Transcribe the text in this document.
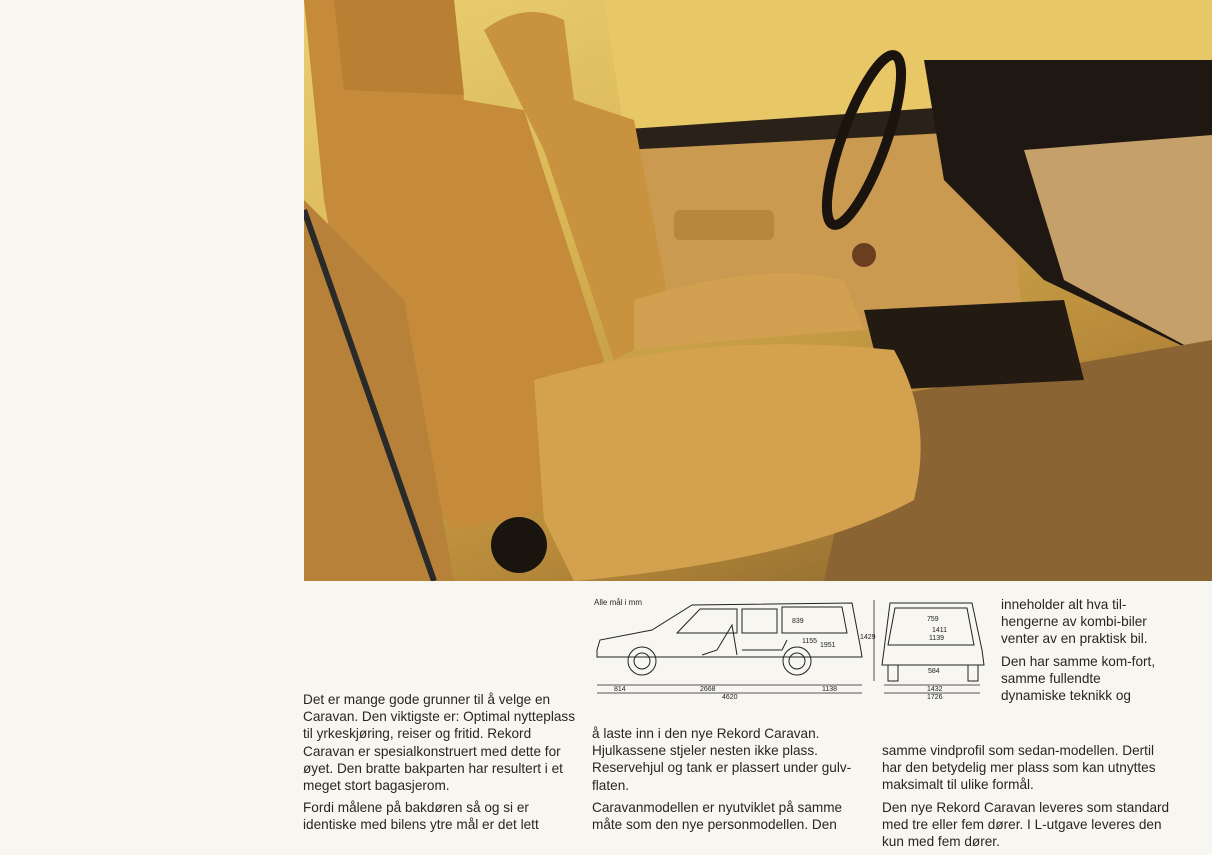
Alle mål i mm
814	2668	1138
4620
839
1155
1951
1429
759
1411
1139
584
1432
1726

Det er mange gode grunner til å velge en Caravan. Den viktigste er: Optimal nytteplass til yrkeskjøring, reiser og fritid. Rekord Caravan er spesialkonstruert med dette for øyet. Den bratte bakparten har resultert i et meget stort bagasjerom.

Fordi målene på bakdøren så og si er identiske med bilens ytre mål er det lett

å laste inn i den nye Rekord Caravan. Hjulkassene stjeler nesten ikke plass. Reservehjul og tank er plassert under gulv-flaten.

Caravanmodellen er nyutviklet på samme måte som den nye personmodellen. Den

inneholder alt hva til-hengerne av kombi-biler venter av en praktisk bil.

Den har samme kom-fort, samme fullendte dynamiske teknikk og

samme vindprofil som sedan-modellen. Dertil har den betydelig mer plass som kan utnyttes maksimalt til ulike formål.

Den nye Rekord Caravan leveres som standard med tre eller fem dører. I L-utgave leveres den kun med fem dører.
